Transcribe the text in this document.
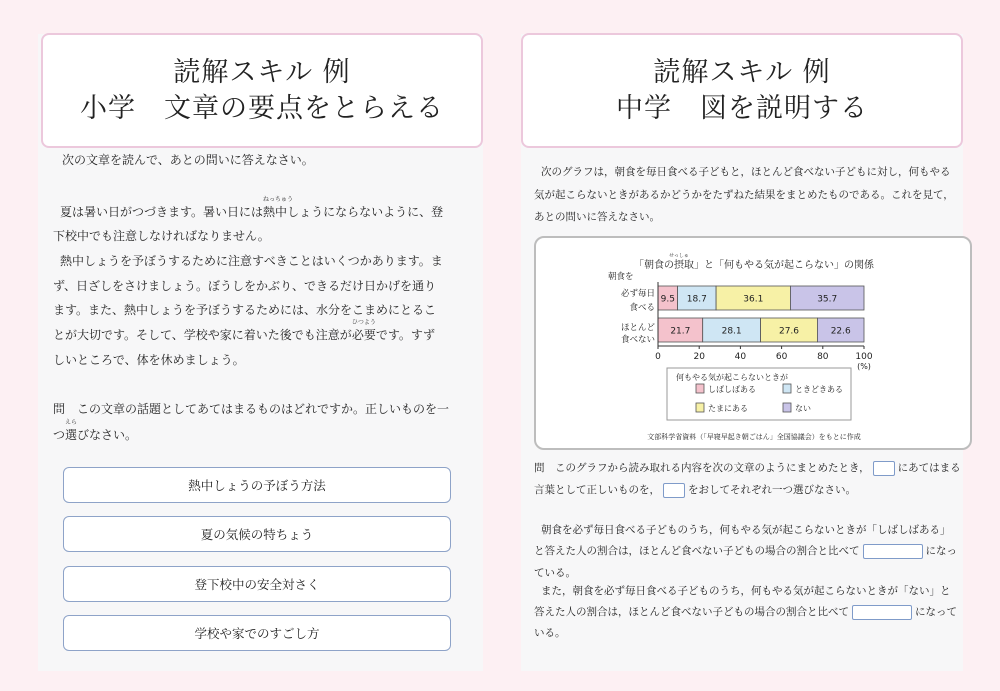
読解スキル 例
小学　文章の要点をとらえる
次の文章を読んで、あとの問いに答えなさい。
夏は暑い日がつづきます。暑い日には
ねっちゅう
熱中しょうにならないように、登
下校中でも注意しなければなりません。
熱中しょうを予ぼうするために注意すべきことはいくつかあります。ま
ず、日ざしをさけましょう。ぼうしをかぶり、できるだけ日かげを通り
ます。また、熱中しょうを予ぼうするためには、水分をこまめにとるこ
とが大切です。そして、学校や家に着いた後でも注意が
ひつよう
必要です。すず
しいところで、体を休めましょう。
問　この文章の話題としてあてはまるものはどれですか。正しいものを一
えら
つ選びなさい。
熱中しょうの予ぼう方法
夏の気候の特ちょう
登下校中の安全対さく
学校や家でのすごし方
読解スキル 例
中学　図を説明する
次のグラフは，朝食を毎日食べる子どもと，ほとんど食べない子どもに対し，何もやる
気が起こらないときがあるかどうかをたずねた結果をまとめたものである。これを見て，
あとの問いに答えなさい。
「朝食の摂取」と「何もやる気が起こらない」の関係
せっしゅ
朝食を
必ず毎日
食べる
ほとんど
食べない
9.5 18.7	36.1	35.7
21.7	28.1	27.6	22.6
0	20	40	60	80	100
(%)
何もやる気が起こらないときが
しばしばある	ときどきある
たまにある	ない
文部科学省資料（「早寝早起き朝ごはん」全国協議会）をもとに作成
問　このグラフから読み取れる内容を次の文章のようにまとめたとき，	にあてはまる
言葉として正しいものを，	をおしてそれぞれ一つ選びなさい。
朝食を必ず毎日食べる子どものうち，何もやる気が起こらないときが「しばしばある」
と答えた人の割合は，ほとんど食べない子どもの場合の割合と比べて	になっ
ている。
また，朝食を必ず毎日食べる子どものうち，何もやる気が起こらないときが「ない」と
答えた人の割合は，ほとんど食べない子どもの場合の割合と比べて	になって
いる。
